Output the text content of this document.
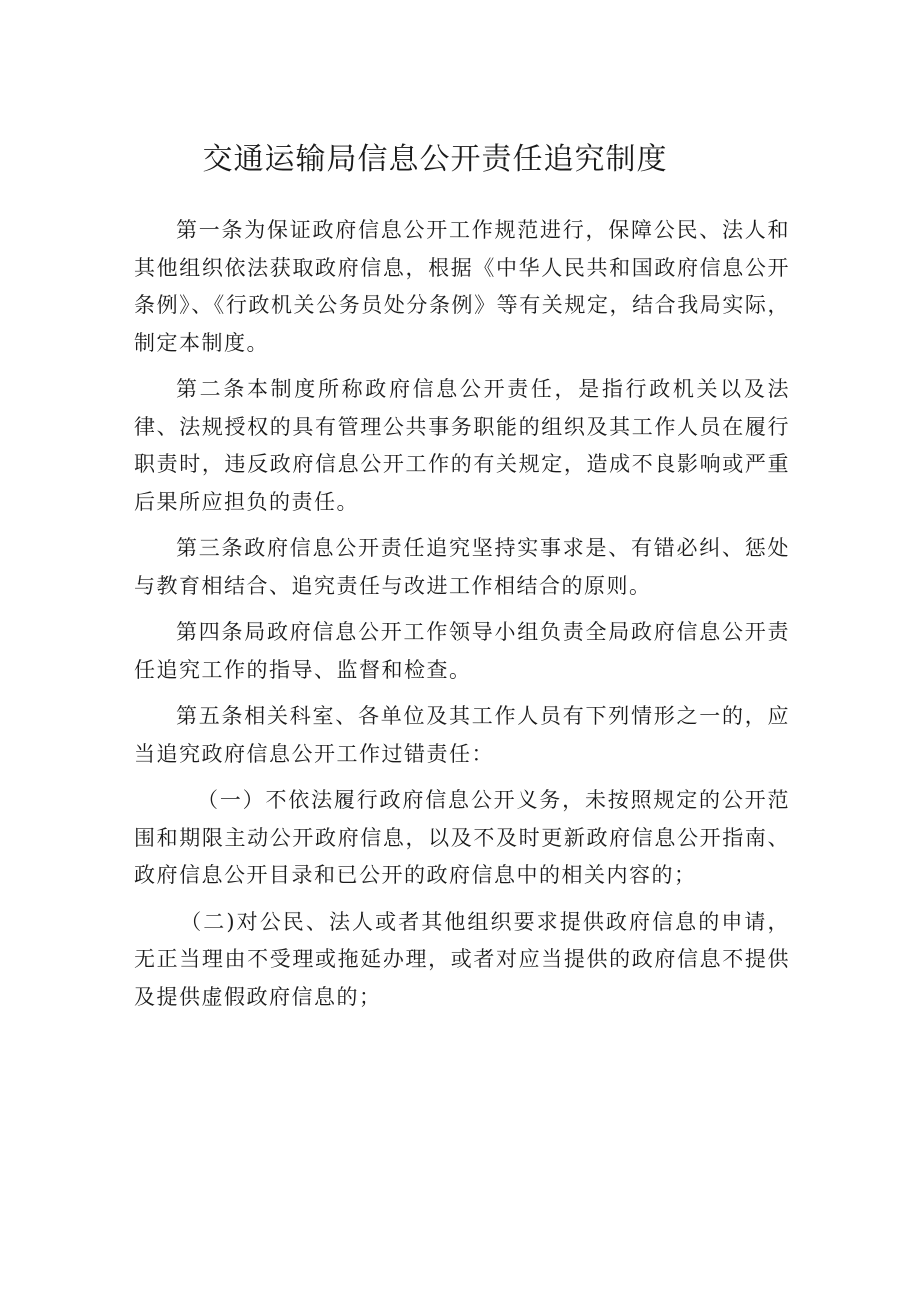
交通运输局信息公开责任追究制度

第一条为保证政府信息公开工作规范进行，保障公民、法人和其他组织依法获取政府信息，根据《中华人民共和国政府信息公开条例》、《行政机关公务员处分条例》等有关规定，结合我局实际，制定本制度。

第二条本制度所称政府信息公开责任，是指行政机关以及法律、法规授权的具有管理公共事务职能的组织及其工作人员在履行职责时，违反政府信息公开工作的有关规定，造成不良影响或严重后果所应担负的责任。

第三条政府信息公开责任追究坚持实事求是、有错必纠、惩处与教育相结合、追究责任与改进工作相结合的原则。

第四条局政府信息公开工作领导小组负责全局政府信息公开责任追究工作的指导、监督和检查。

第五条相关科室、各单位及其工作人员有下列情形之一的，应当追究政府信息公开工作过错责任：

（一）不依法履行政府信息公开义务，未按照规定的公开范围和期限主动公开政府信息，以及不及时更新政府信息公开指南、政府信息公开目录和已公开的政府信息中的相关内容的；

（二)对公民、法人或者其他组织要求提供政府信息的申请，无正当理由不受理或拖延办理，或者对应当提供的政府信息不提供及提供虚假政府信息的；
